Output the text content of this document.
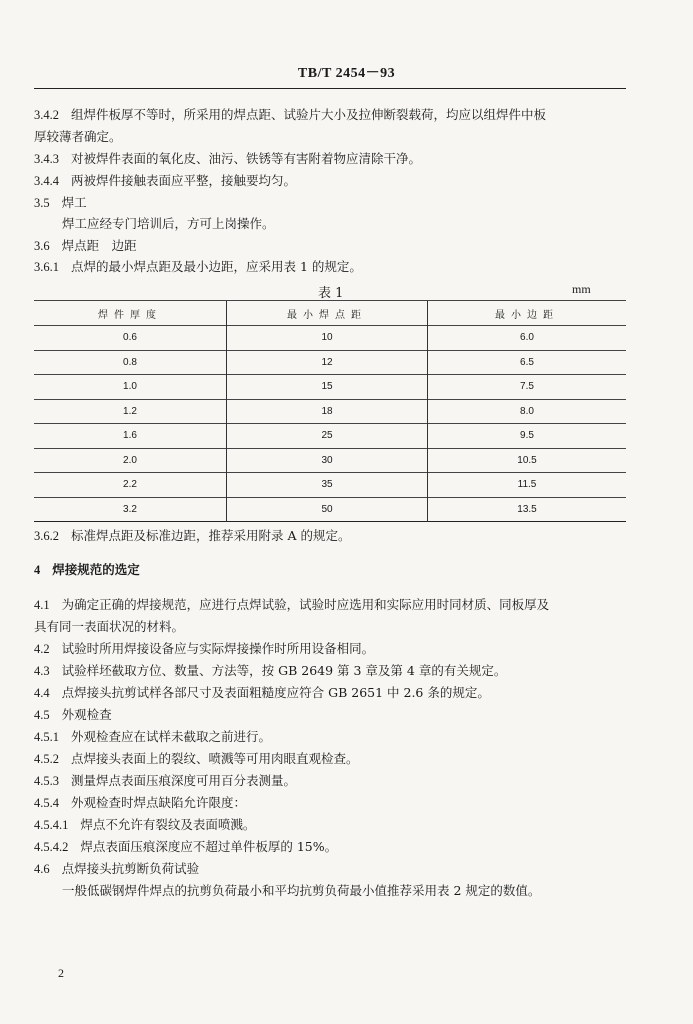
TB/T 2454－93
3.4.2 组焊件板厚不等时，所采用的焊点距、试验片大小及拉伸断裂载荷，均应以组焊件中板
厚较薄者确定。
3.4.3 对被焊件表面的氧化皮、油污、铁锈等有害附着物应清除干净。
3.4.4 两被焊件接触表面应平整，接触要均匀。
3.5 焊工
焊工应经专门培训后，方可上岗操作。
3.6 焊点距　边距
3.6.1 点焊的最小焊点距及最小边距，应采用表 1 的规定。
表 1	mm
焊件厚度	最小焊点距	最小边距
0.6	10	6.0
0.8	12	6.5
1.0	15	7.5
1.2	18	8.0
1.6	25	9.5
2.0	30	10.5
2.2	35	11.5
3.2	50	13.5
3.6.2 标准焊点距及标准边距，推荐采用附录 A 的规定。
4 焊接规范的选定
4.1 为确定正确的焊接规范，应进行点焊试验，试验时应选用和实际应用时同材质、同板厚及
具有同一表面状况的材料。
4.2 试验时所用焊接设备应与实际焊接操作时所用设备相同。
4.3 试验样坯截取方位、数量、方法等，按 GB 2649 第 3 章及第 4 章的有关规定。
4.4 点焊接头抗剪试样各部尺寸及表面粗糙度应符合 GB 2651 中 2.6 条的规定。
4.5 外观检查
4.5.1 外观检查应在试样未截取之前进行。
4.5.2 点焊接头表面上的裂纹、喷溅等可用肉眼直观检查。
4.5.3 测量焊点表面压痕深度可用百分表测量。
4.5.4 外观检查时焊点缺陷允许限度：
4.5.4.1 焊点不允许有裂纹及表面喷溅。
4.5.4.2 焊点表面压痕深度应不超过单件板厚的 15%。
4.6 点焊接头抗剪断负荷试验
一般低碳钢焊件焊点的抗剪负荷最小和平均抗剪负荷最小值推荐采用表 2 规定的数值。
2
